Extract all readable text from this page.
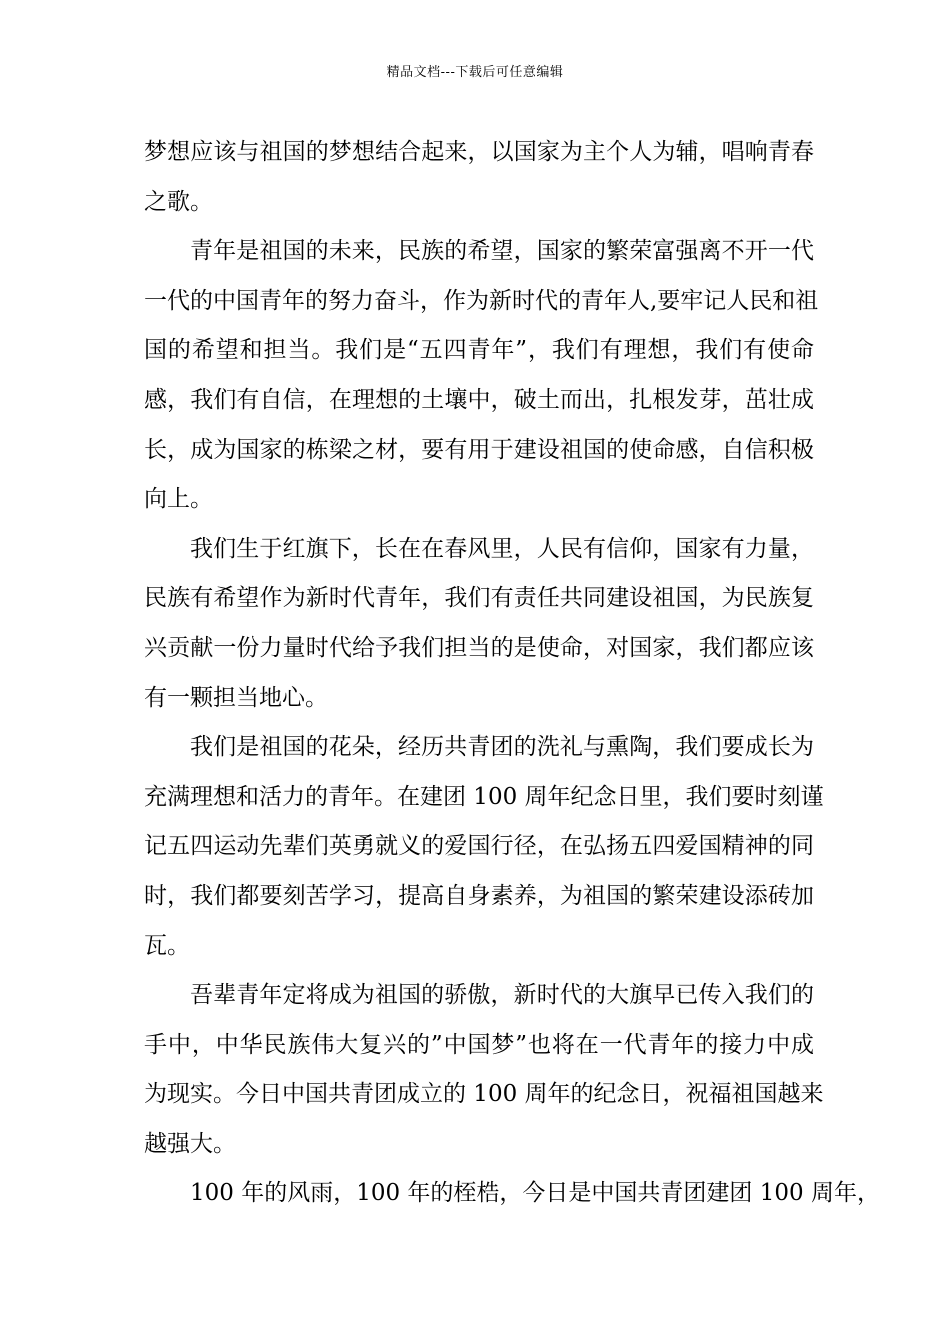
精品文档---下载后可任意编辑
梦想应该与祖国的梦想结合起来，以国家为主个人为辅，唱响青春
之歌。
青年是祖国的未来，民族的希望，国家的繁荣富强离不开一代
一代的中国青年的努力奋斗，作为新时代的青年人,要牢记人民和祖
国的希望和担当。我们是“五四青年”，我们有理想，我们有使命
感，我们有自信，在理想的土壤中，破土而出，扎根发芽，茁壮成
长，成为国家的栋梁之材，要有用于建设祖国的使命感，自信积极
向上。
我们生于红旗下，长在在春风里，人民有信仰，国家有力量，
民族有希望作为新时代青年，我们有责任共同建设祖国，为民族复
兴贡献一份力量时代给予我们担当的是使命，对国家，我们都应该
有一颗担当地心。
我们是祖国的花朵，经历共青团的洗礼与熏陶，我们要成长为
充满理想和活力的青年。在建团 100 周年纪念日里，我们要时刻谨
记五四运动先辈们英勇就义的爱国行径，在弘扬五四爱国精神的同
时，我们都要刻苦学习，提高自身素养，为祖国的繁荣建设添砖加
瓦。
吾辈青年定将成为祖国的骄傲，新时代的大旗早已传入我们的
手中，中华民族伟大复兴的”中国梦”也将在一代青年的接力中成
为现实。今日中国共青团成立的 100 周年的纪念日，祝福祖国越来
越强大。
100 年的风雨，100 年的桎梏，今日是中国共青团建团 100 周年，
